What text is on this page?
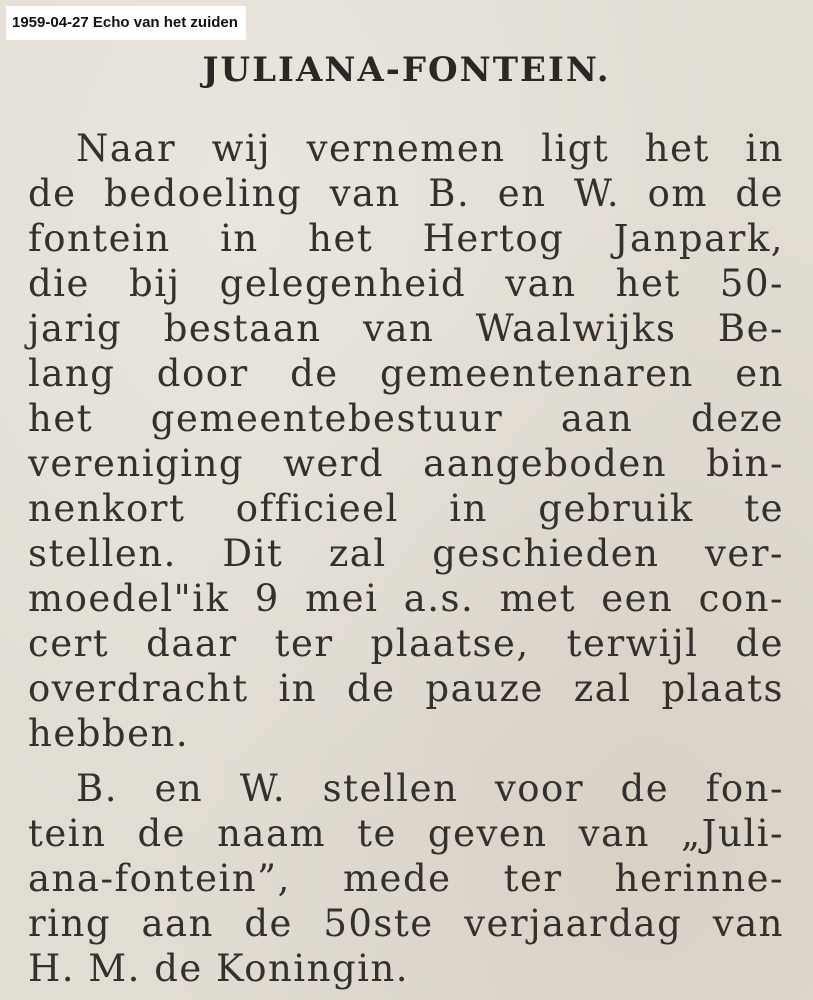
1959-04-27 Echo van het zuiden
JULIANA-FONTEIN.
Naar wij vernemen ligt het in
de bedoeling van B. en W. om de
fontein in het Hertog Janpark,
die bij gelegenheid van het 50-
jarig bestaan van Waalwijks Be-
lang door de gemeentenaren en
het gemeentebestuur aan deze
vereniging werd aangeboden bin-
nenkort officieel in gebruik te
stellen. Dit zal geschieden ver-
moedel"ik 9 mei a.s. met een con-
cert daar ter plaatse, terwijl de
overdracht in de pauze zal plaats
hebben.
B. en W. stellen voor de fon-
tein de naam te geven van „Juli-
ana-fontein”, mede ter herinne-
ring aan de 50ste verjaardag van
H. M. de Koningin.
